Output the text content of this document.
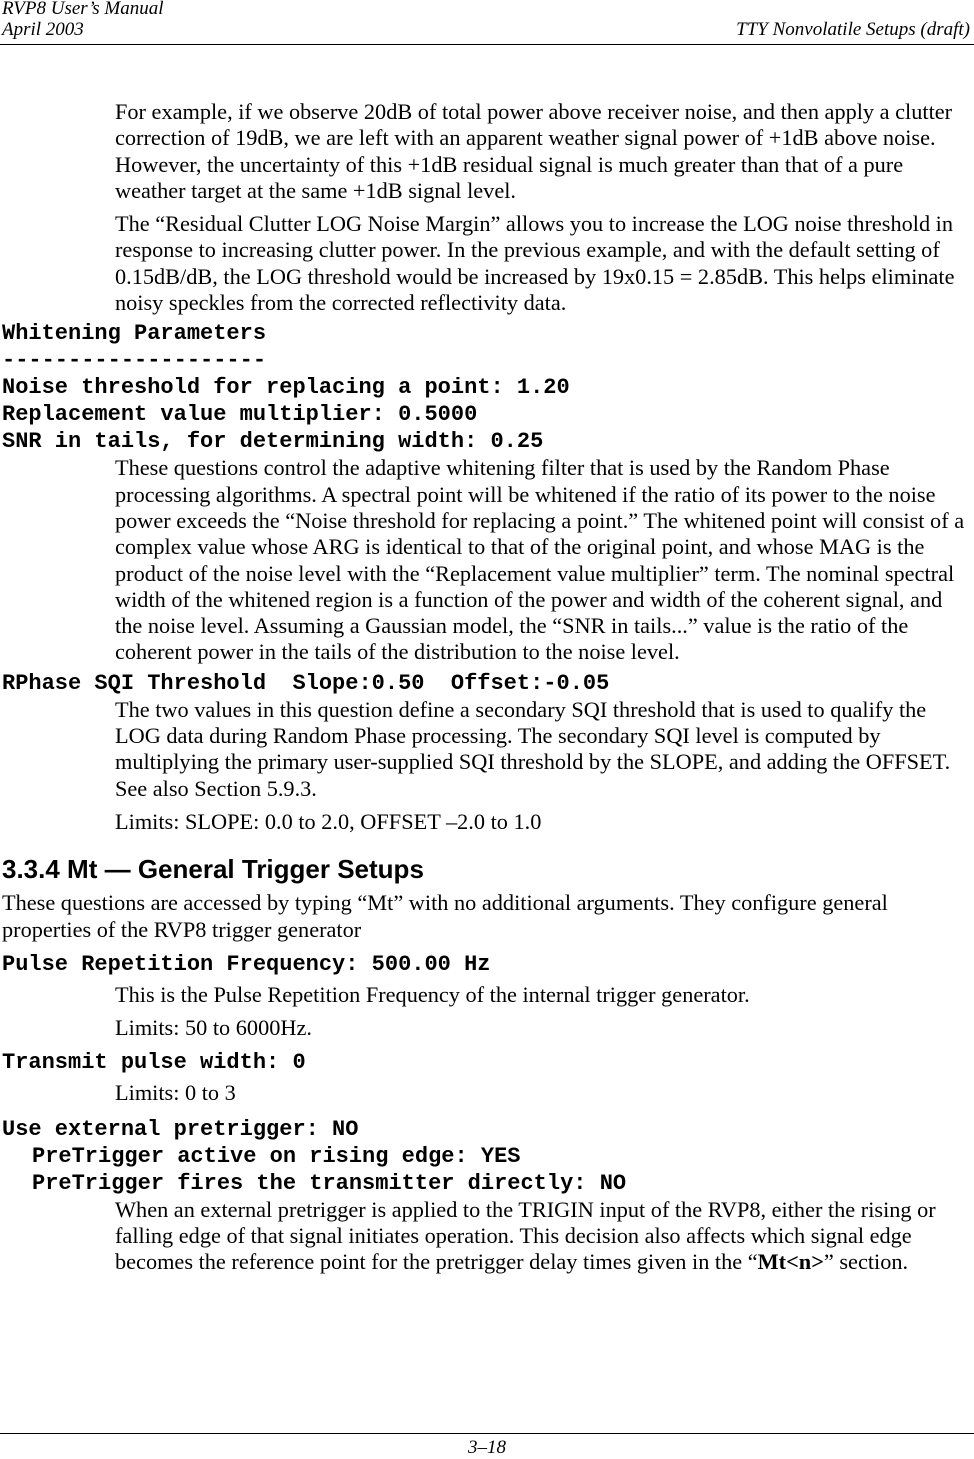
RVP8 User’s Manual
April 2003	TTY Nonvolatile Setups (draft)

For example, if we observe 20dB of total power above receiver noise, and then apply a clutter correction of 19dB, we are left with an apparent weather signal power of +1dB above noise. However, the uncertainty of this +1dB residual signal is much greater than that of a pure weather target at the same +1dB signal level.

The “Residual Clutter LOG Noise Margin” allows you to increase the LOG noise threshold in response to increasing clutter power. In the previous example, and with the default setting of 0.15dB/dB, the LOG threshold would be increased by 19x0.15 = 2.85dB. This helps eliminate noisy speckles from the corrected reflectivity data.

Whitening Parameters

--------------------

Noise threshold for replacing a point: 1.20

Replacement value multiplier: 0.5000

SNR in tails, for determining width: 0.25

These questions control the adaptive whitening filter that is used by the Random Phase processing algorithms. A spectral point will be whitened if the ratio of its power to the noise power exceeds the “Noise threshold for replacing a point.” The whitened point will consist of a complex value whose ARG is identical to that of the original point, and whose MAG is the product of the noise level with the “Replacement value multiplier” term. The nominal spectral width of the whitened region is a function of the power and width of the coherent signal, and the noise level. Assuming a Gaussian model, the “SNR in tails...” value is the ratio of the coherent power in the tails of the distribution to the noise level.

RPhase SQI Threshold  Slope:0.50  Offset:-0.05

The two values in this question define a secondary SQI threshold that is used to qualify the LOG data during Random Phase processing. The secondary SQI level is computed by multiplying the primary user-supplied SQI threshold by the SLOPE, and adding the OFFSET. See also Section 5.9.3.

Limits: SLOPE: 0.0 to 2.0, OFFSET –2.0 to 1.0

3.3.4 Mt — General Trigger Setups

These questions are accessed by typing “Mt” with no additional arguments. They configure general properties of the RVP8 trigger generator

Pulse Repetition Frequency: 500.00 Hz

This is the Pulse Repetition Frequency of the internal trigger generator.

Limits: 50 to 6000Hz.

Transmit pulse width: 0

Limits: 0 to 3

Use external pretrigger: NO

PreTrigger active on rising edge: YES

PreTrigger fires the transmitter directly: NO

When an external pretrigger is applied to the TRIGIN input of the RVP8, either the rising or falling edge of that signal initiates operation. This decision also affects which signal edge becomes the reference point for the pretrigger delay times given in the “Mt<n>” section.

3–18
